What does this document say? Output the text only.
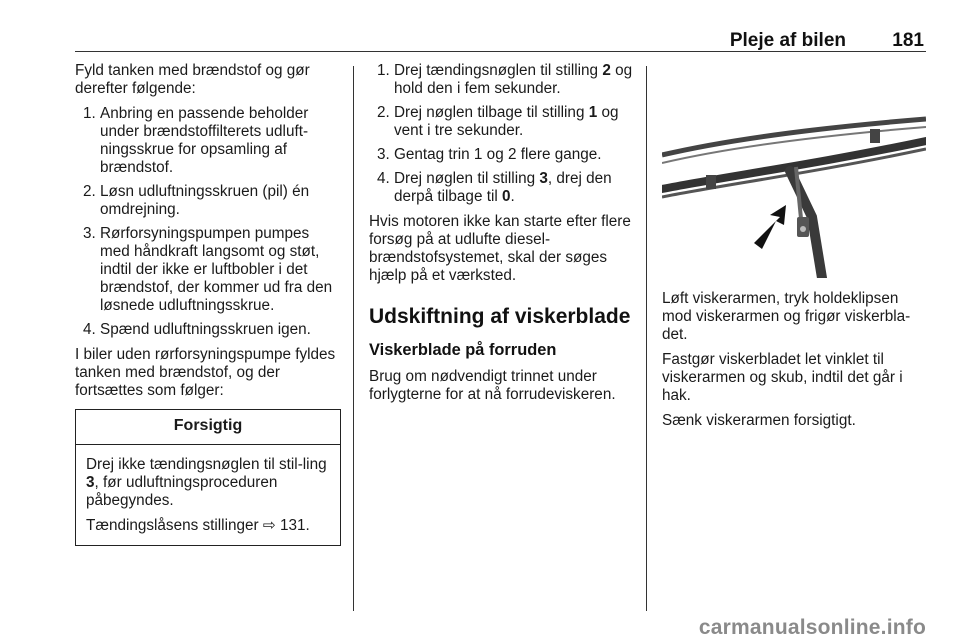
Pleje af bilen 181

Fyld tanken med brændstof og gør derefter følgende:

1. Anbring en passende beholder under brændstoffilterets udluft-ningsskrue for opsamling af brændstof.
2. Løsn udluftningsskruen (pil) én omdrejning.
3. Rørforsyningspumpen pumpes med håndkraft langsomt og støt, indtil der ikke er luftbobler i det brændstof, der kommer ud fra den løsnede udluftningsskrue.
4. Spænd udluftningsskruen igen.

I biler uden rørforsyningspumpe fyldes tanken med brændstof, og der fortsættes som følger:

Forsigtig

Drej ikke tændingsnøglen til stil-ling 3, før udluftningsproceduren påbegyndes.

Tændingslåsens stillinger ⇨ 131.

1. Drej tændingsnøglen til stilling 2 og hold den i fem sekunder.
2. Drej nøglen tilbage til stilling 1 og vent i tre sekunder.
3. Gentag trin 1 og 2 flere gange.
4. Drej nøglen til stilling 3, drej den derpå tilbage til 0.

Hvis motoren ikke kan starte efter flere forsøg på at udlufte diesel-brændstofsystemet, skal der søges hjælp på et værksted.

Udskiftning af viskerblade
Viskerblade på forruden

Brug om nødvendigt trinnet under forlygterne for at nå forrudeviskeren.

Løft viskerarmen, tryk holdeklipsen mod viskerarmen og frigør viskerbla-det.

Fastgør viskerbladet let vinklet til viskerarmen og skub, indtil det går i hak.

Sænk viskerarmen forsigtigt.

carmanualsonline.info
